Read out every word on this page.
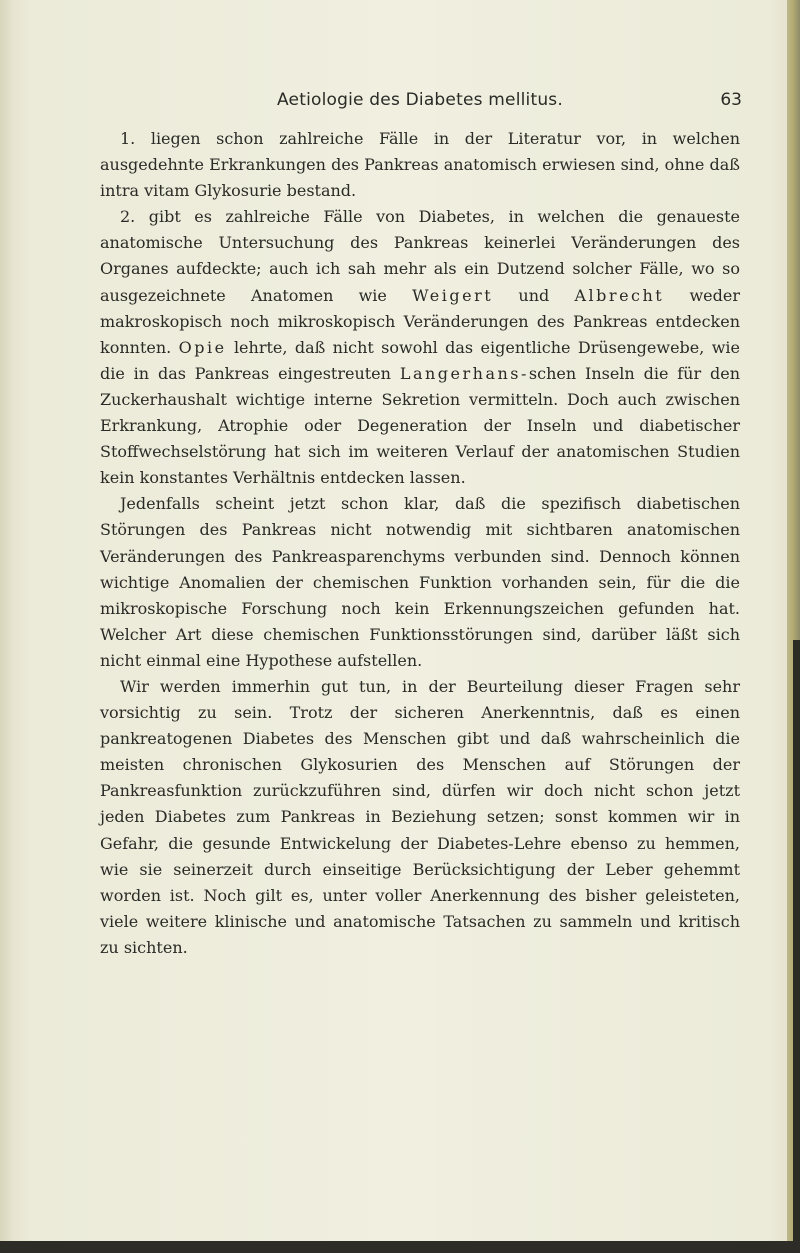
Aetiologie des Diabetes mellitus.	63

1. liegen schon zahlreiche Fälle in der Literatur vor, in welchen ausgedehnte Erkrankungen des Pankreas anatomisch erwiesen sind, ohne daß intra vitam Glykosurie bestand.

2. gibt es zahlreiche Fälle von Diabetes, in welchen die genaueste anatomische Untersuchung des Pankreas keinerlei Veränderungen des Organes aufdeckte; auch ich sah mehr als ein Dutzend solcher Fälle, wo so ausgezeichnete Anatomen wie Weigert und Albrecht weder makroskopisch noch mikroskopisch Veränderungen des Pankreas entdecken konnten. Opie lehrte, daß nicht sowohl das eigentliche Drüsengewebe, wie die in das Pankreas eingestreuten Langerhans-schen Inseln die für den Zuckerhaushalt wichtige interne Sekretion vermitteln. Doch auch zwischen Erkrankung, Atrophie oder Degeneration der Inseln und diabetischer Stoffwechselstörung hat sich im weiteren Verlauf der anatomischen Studien kein konstantes Verhältnis entdecken lassen.

Jedenfalls scheint jetzt schon klar, daß die spezifisch diabetischen Störungen des Pankreas nicht notwendig mit sichtbaren anatomischen Veränderungen des Pankreasparenchyms verbunden sind. Dennoch können wichtige Anomalien der chemischen Funktion vorhanden sein, für die die mikroskopische Forschung noch kein Erkennungszeichen gefunden hat. Welcher Art diese chemischen Funktionsstörungen sind, darüber läßt sich nicht einmal eine Hypothese aufstellen.

Wir werden immerhin gut tun, in der Beurteilung dieser Fragen sehr vorsichtig zu sein. Trotz der sicheren Anerkenntnis, daß es einen pankreatogenen Diabetes des Menschen gibt und daß wahrscheinlich die meisten chronischen Glykosurien des Menschen auf Störungen der Pankreasfunktion zurückzuführen sind, dürfen wir doch nicht schon jetzt jeden Diabetes zum Pankreas in Beziehung setzen; sonst kommen wir in Gefahr, die gesunde Entwickelung der Diabetes-Lehre ebenso zu hemmen, wie sie seinerzeit durch einseitige Berücksichtigung der Leber gehemmt worden ist. Noch gilt es, unter voller Anerkennung des bisher geleisteten, viele weitere klinische und anatomische Tatsachen zu sammeln und kritisch zu sichten.
